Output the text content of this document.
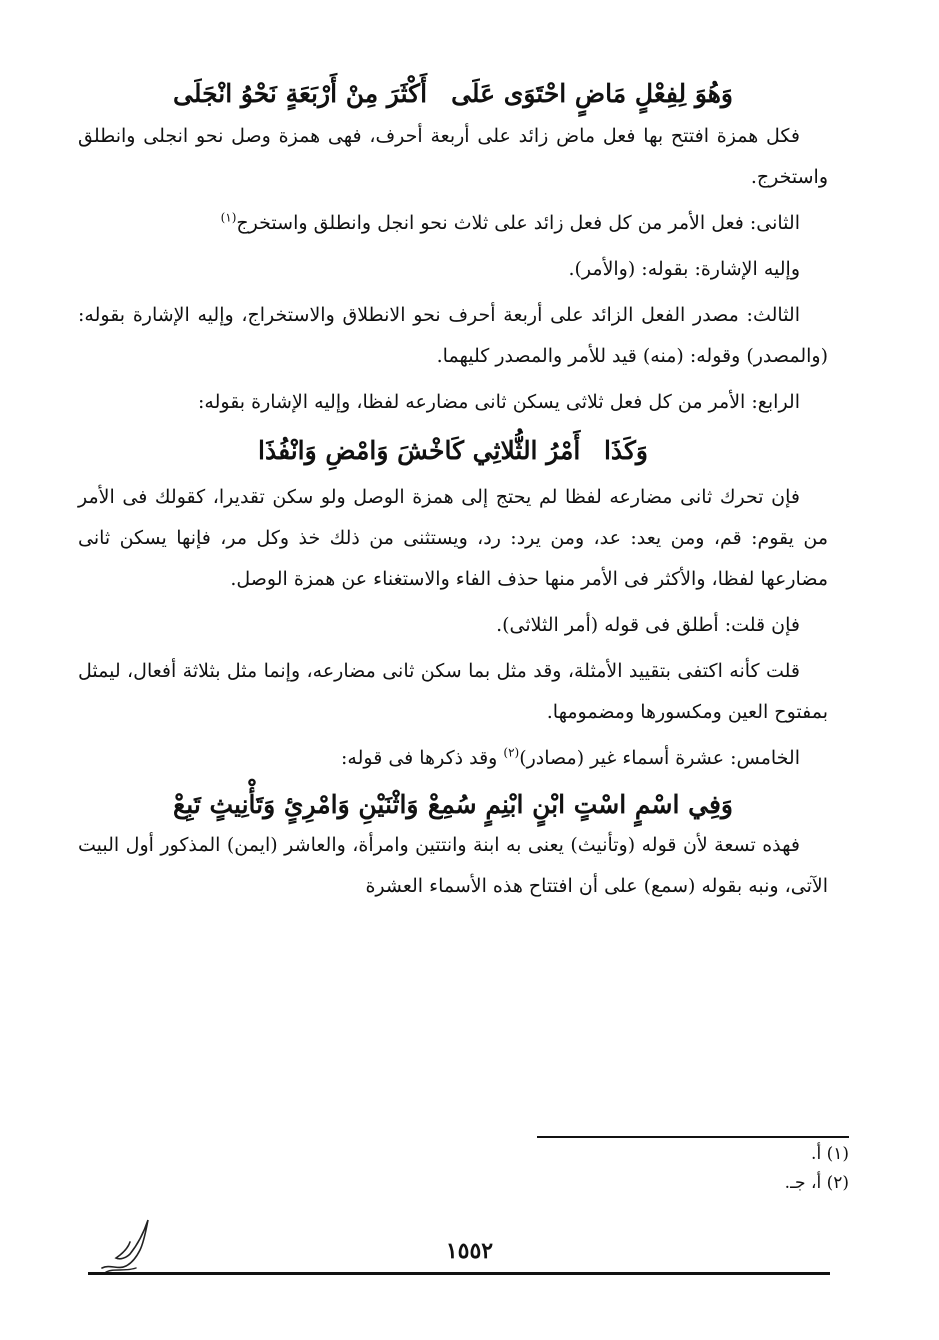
وَهُوَ لِفِعْلٍ مَاضٍ احْتَوَى عَلَى
أَكْثَرَ مِنْ أَرْبَعَةٍ نَحْوُ انْجَلَى

فكل همزة افتتح بها فعل ماض زائد على أربعة أحرف، فهى همزة وصل نحو انجلى وانطلق واستخرج.

الثانى: فعل الأمر من كل فعل زائد على ثلاث نحو انجل وانطلق واستخرج$^{(١)}$

وإليه الإشارة: بقوله: (والأمر).

الثالث: مصدر الفعل الزائد على أربعة أحرف نحو الانطلاق والاستخراج، وإليه الإشارة بقوله: (والمصدر) وقوله: (منه) قيد للأمر والمصدر كليهما.

الرابع: الأمر من كل فعل ثلاثى يسكن ثانى مضارعه لفظا، وإليه الإشارة بقوله:

وَكَذَا
أَمْرُ الثُّلاثِي كَاخْشَ وَامْضِ وَانْفُذَا

فإن تحرك ثانى مضارعه لفظا لم يحتج إلى همزة الوصل ولو سكن تقديرا، كقولك فى الأمر من يقوم: قم، ومن يعد: عد، ومن يرد: رد، ويستثنى من ذلك خذ وكل مر، فإنها يسكن ثانى مضارعها لفظا، والأكثر فى الأمر منها حذف الفاء والاستغناء عن همزة الوصل.

فإن قلت: أطلق فى قوله (أمر الثلاثى).

قلت كأنه اكتفى بتقييد الأمثلة، وقد مثل بما سكن ثانى مضارعه، وإنما مثل بثلاثة أفعال، ليمثل بمفتوح العين ومكسورها ومضمومها.

الخامس: عشرة أسماء غير (مصادر)$^{(٢)}$ وقد ذكرها فى قوله:

وَفِي اسْمٍ اسْتٍ ابْنٍ ابْنِمٍ سُمِعْ
وَاثْنَيْنِ وَامْرِئٍ وَتَأْنِيثٍ تَبِعْ

فهذه تسعة لأن قوله (وتأنيث) يعنى به ابنة وانتتين وامرأة، والعاشر (ايمن) المذكور أول البيت الآتى، ونبه بقوله (سمع) على أن افتتاح هذه الأسماء العشرة

(١) أ.

(٢) أ، جـ.

١٥٥٢
